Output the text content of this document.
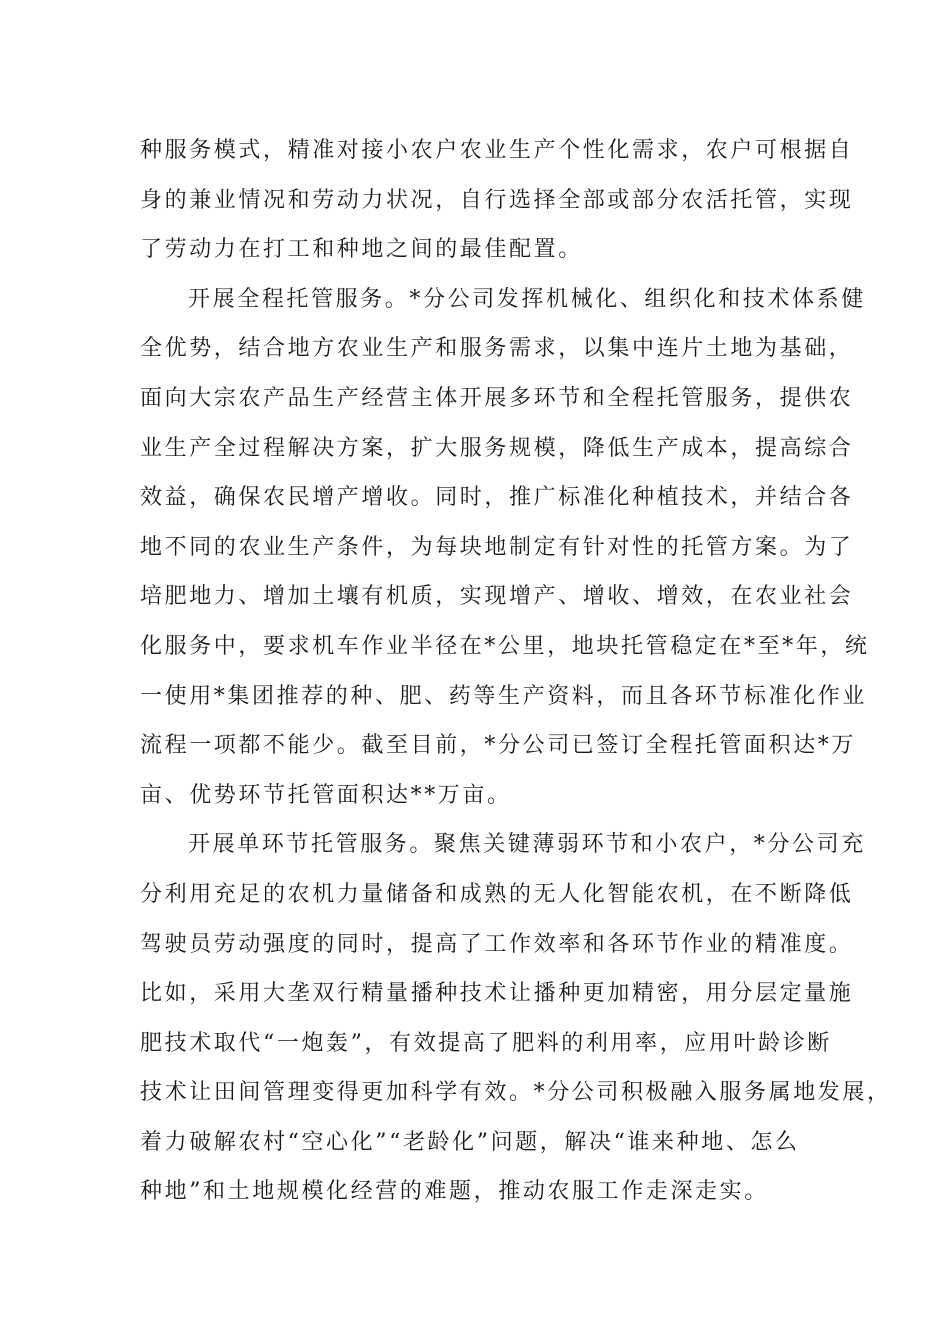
种服务模式，精准对接小农户农业生产个性化需求，农户可根据自
身的兼业情况和劳动力状况，自行选择全部或部分农活托管，实现
了劳动力在打工和种地之间的最佳配置。
开展全程托管服务。*分公司发挥机械化、组织化和技术体系健
全优势，结合地方农业生产和服务需求，以集中连片土地为基础，
面向大宗农产品生产经营主体开展多环节和全程托管服务，提供农
业生产全过程解决方案，扩大服务规模，降低生产成本，提高综合
效益，确保农民增产增收。同时，推广标准化种植技术，并结合各
地不同的农业生产条件，为每块地制定有针对性的托管方案。为了
培肥地力、增加土壤有机质，实现增产、增收、增效，在农业社会
化服务中，要求机车作业半径在*公里，地块托管稳定在*至*年，统
一使用*集团推荐的种、肥、药等生产资料，而且各环节标准化作业
流程一项都不能少。截至目前，*分公司已签订全程托管面积达*万
亩、优势环节托管面积达**万亩。
开展单环节托管服务。聚焦关键薄弱环节和小农户，*分公司充
分利用充足的农机力量储备和成熟的无人化智能农机，在不断降低
驾驶员劳动强度的同时，提高了工作效率和各环节作业的精准度。
比如，采用大垄双行精量播种技术让播种更加精密，用分层定量施
肥技术取代“一炮轰”，有效提高了肥料的利用率，应用叶龄诊断
技术让田间管理变得更加科学有效。*分公司积极融入服务属地发展，
着力破解农村“空心化”“老龄化”问题，解决“谁来种地、怎么
种地”和土地规模化经营的难题，推动农服工作走深走实。
